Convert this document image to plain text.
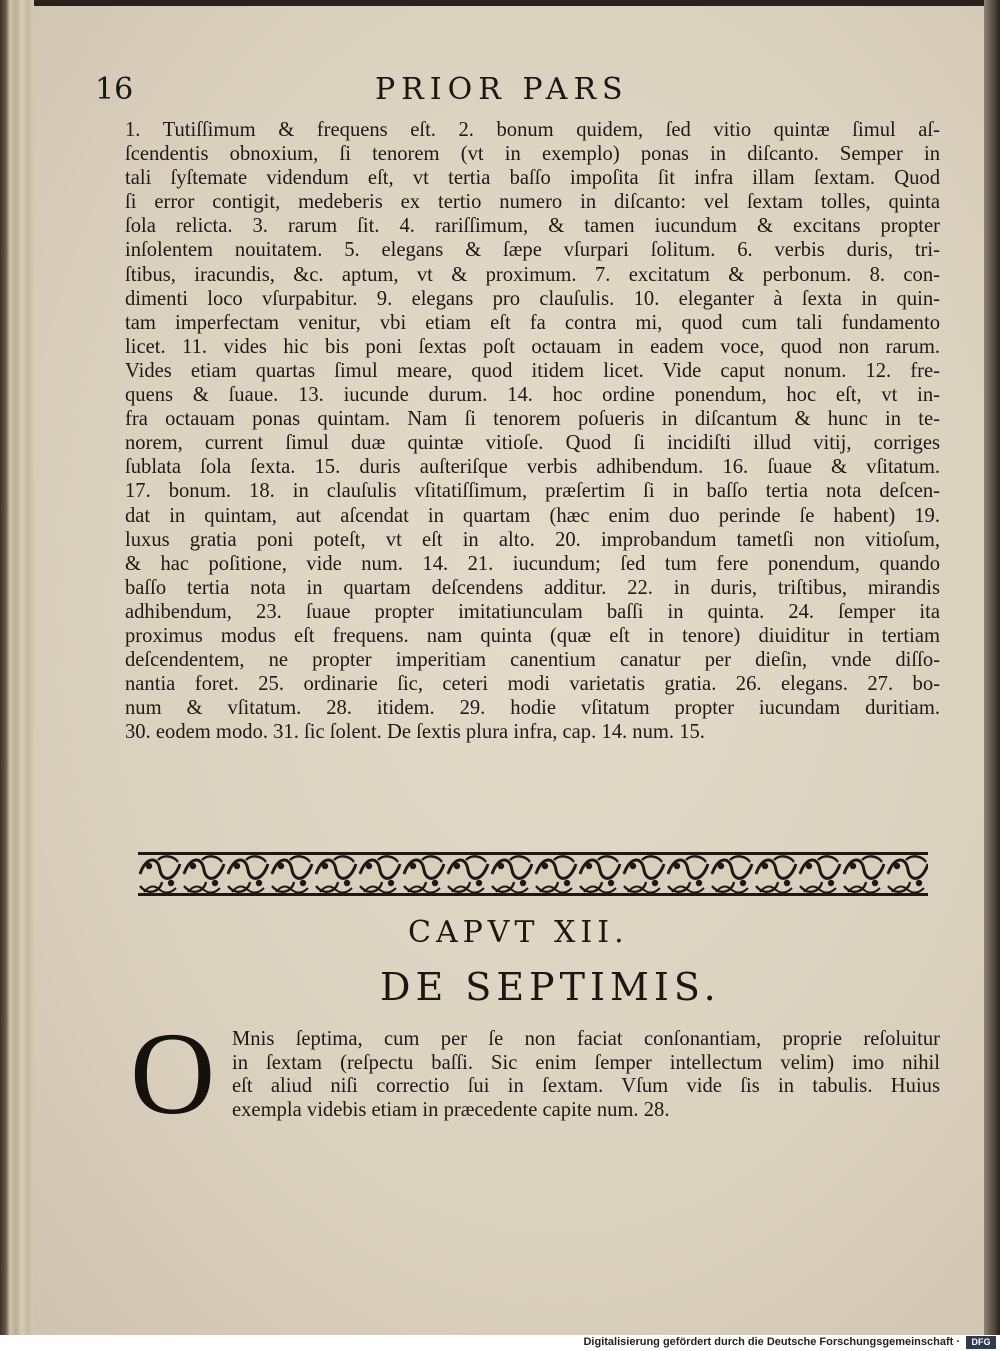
16	PRIOR PARS
1. Tutiſſimum & frequens eſt. 2. bonum quidem, ſed vitio quintæ ſimul aſ-
ſcendentis obnoxium, ſi tenorem (vt in exemplo) ponas in diſcanto. Semper in
tali ſyſtemate videndum eſt, vt tertia baſſo impoſita ſit infra illam ſextam. Quod
ſi error contigit, medeberis ex tertio numero in diſcanto: vel ſextam tolles, quinta
ſola relicta. 3. rarum ſit. 4. rariſſimum, & tamen iucundum & excitans propter
inſolentem nouitatem. 5. elegans & ſæpe vſurpari ſolitum. 6. verbis duris, tri-
ſtibus, iracundis, &c. aptum, vt & proximum. 7. excitatum & perbonum. 8. con-
dimenti loco vſurpabitur. 9. elegans pro clauſulis. 10. eleganter à ſexta in quin-
tam imperfectam venitur, vbi etiam eſt fa contra mi, quod cum tali fundamento
licet. 11. vides hic bis poni ſextas poſt octauam in eadem voce, quod non rarum.
Vides etiam quartas ſimul meare, quod itidem licet. Vide caput nonum. 12. fre-
quens & ſuaue. 13. iucunde durum. 14. hoc ordine ponendum, hoc eſt, vt in-
fra octauam ponas quintam. Nam ſi tenorem poſueris in diſcantum & hunc in te-
norem, current ſimul duæ quintæ vitioſe. Quod ſi incidiſti illud vitij, corriges
ſublata ſola ſexta. 15. duris auſteriſque verbis adhibendum. 16. ſuaue & vſitatum.
17. bonum. 18. in clauſulis vſitatiſſimum, præſertim ſi in baſſo tertia nota deſcen-
dat in quintam, aut aſcendat in quartam (hæc enim duo perinde ſe habent) 19.
luxus gratia poni poteſt, vt eſt in alto. 20. improbandum tametſi non vitioſum,
& hac poſitione, vide num. 14. 21. iucundum; ſed tum fere ponendum, quando
baſſo tertia nota in quartam deſcendens additur. 22. in duris, triſtibus, mirandis
adhibendum, 23. ſuaue propter imitatiunculam baſſi in quinta. 24. ſemper ita
proximus modus eſt frequens. nam quinta (quæ eſt in tenore) diuiditur in tertiam
deſcendentem, ne propter imperitiam canentium canatur per dieſin, vnde diſſo-
nantia foret. 25. ordinarie ſic, ceteri modi varietatis gratia. 26. elegans. 27. bo-
num & vſitatum. 28. itidem. 29. hodie vſitatum propter iucundam duritiam.
30. eodem modo. 31. ſic ſolent. De ſextis plura infra, cap. 14. num. 15.
CAPVT XII.
DE SEPTIMIS.
O Mnis ſeptima, cum per ſe non faciat conſonantiam, proprie reſoluitur
in ſextam (reſpectu baſſi. Sic enim ſemper intellectum velim) imo nihil
eſt aliud niſi correctio ſui in ſextam. Vſum vide ſis in tabulis. Huius
exempla videbis etiam in præcedente capite num. 28.
Digitalisierung gefördert durch die Deutsche Forschungsgemeinschaft ·	DFG
